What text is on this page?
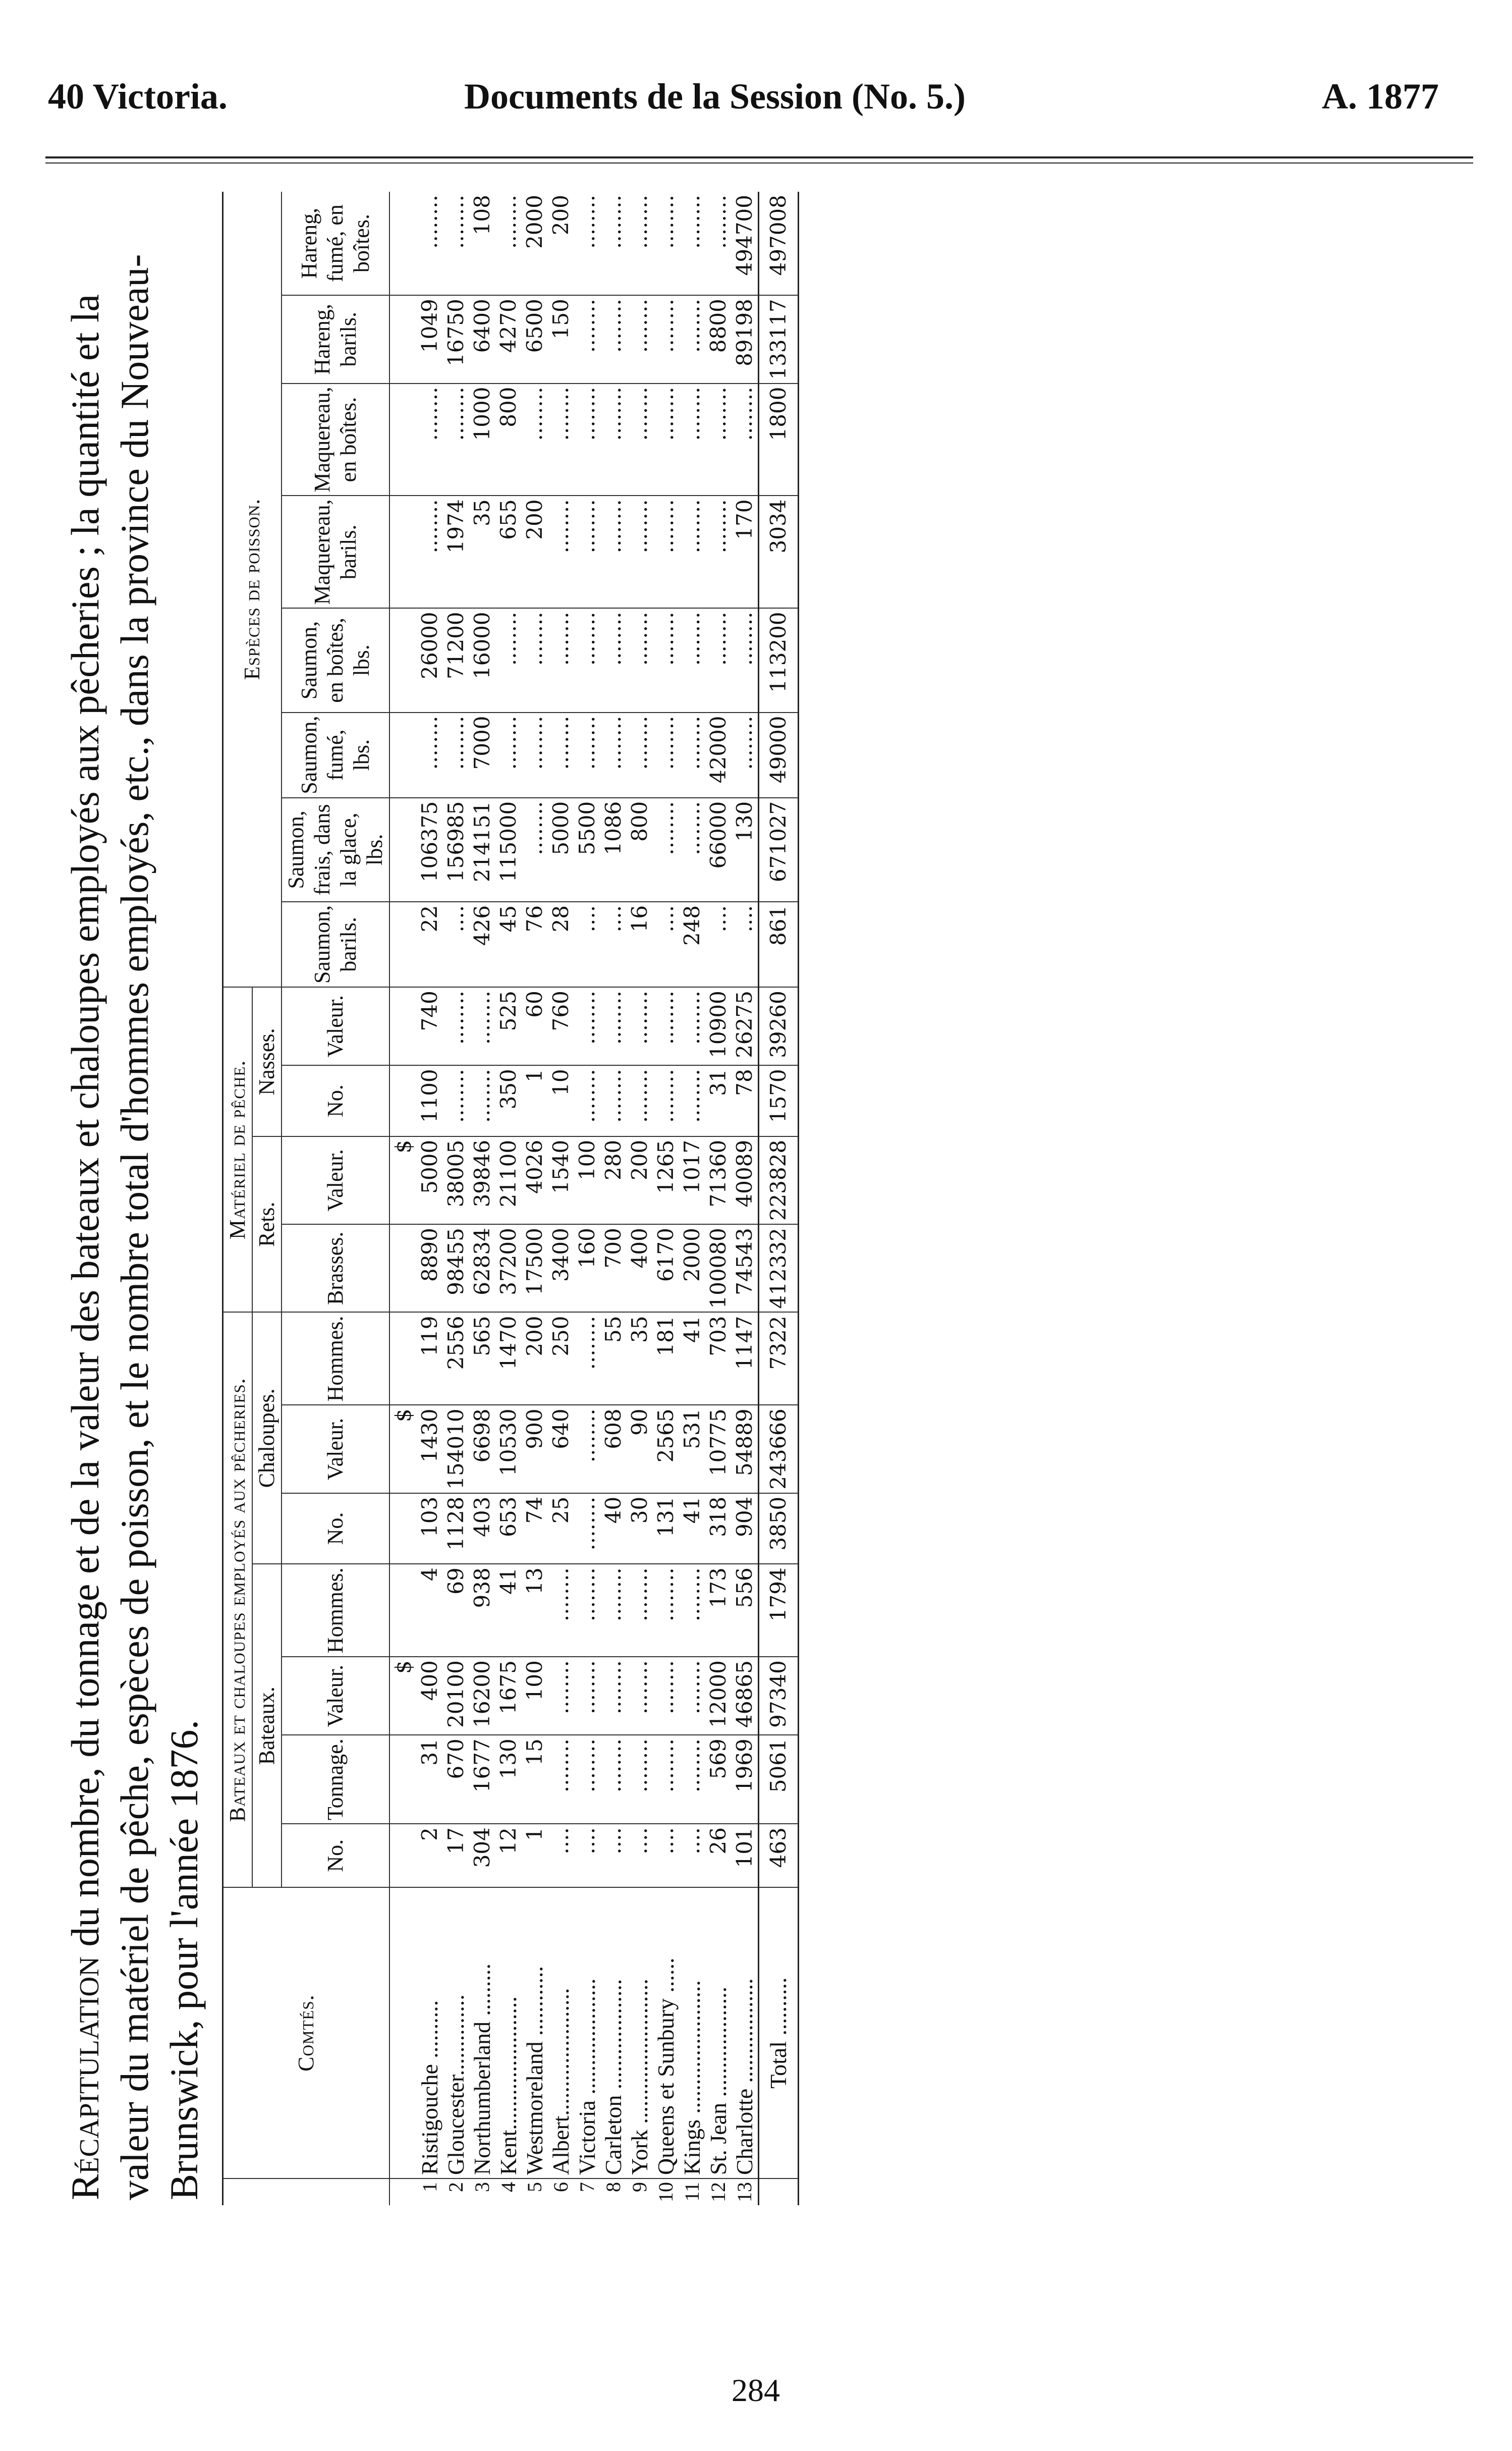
40 Victoria.	Documents de la Session (No. 5.)	A. 1877
Récapitulation du nombre, du tonnage et de la valeur des bateaux et chaloupes employés aux pêcheries ; la quantité et la valeur du matériel de pêche, espèces de poisson, et le nombre total d'hommes employés, etc., dans la province du Nouveau-Brunswick, pour l'année 1876.
		Comtés.	Bateaux et chaloupes employés aux pêcheries.							Matériel de pêche.				Espèces de poisson.							
		Bateaux.				Chaloupes.			Rets.		Nasses.									
		No.	Tonnage.	Valeur.	Hommes.	No.	Valeur.	Hommes.	Brasses.	Valeur.	No.	Valeur.	Saumon, barils.	Saumon, frais, dans la glace, lbs.	Saumon, fumé, lbs.	Saumon, en boîtes, lbs.	Maquereau, barils.	Maquereau, en boîtes.	Hareng, barils.	Hareng, fumé, en boîtes.
				$			$			$										
1	Ristigouche ..........	2	31	400	4	103	1430	119	8890	5000	1100	740	22	106375	........	26000	........	........	1049	........
2	Gloucester..............	17	670	20100	69	1128	154010	2556	98455	38005	........	........	....	156985	........	71200	1974	........	16750	........
3	Northumberland .........	304	1677	16200	938	403	6698	565	62834	39846	........	........	426	214151	7000	16000	35	1000	6400	108
4	Kent.......................	12	130	1675	41	653	10530	1470	37200	21100	350	525	45	115000	........	........	655	800	4270	........
5	Westmoreland ............	1	15	100	13	74	900	200	17500	4026	1	60	76	........	........	........	200	........	6500	2000
6	Albert......................	....	........	........	........	25	640	250	3400	1540	10	760	28	5000	........	........	........	........	150	200
7	Victoria ....................	....	........	........	........	........	........	........	160	100	........	........	....	5500	........	........	........	........	........	........
8	Carleton ...................	....	........	........	........	40	608	55	700	280	........	........	....	1086	........	........	........	........	........	........
9	York .........................	....	........	........	........	30	90	35	400	200	........	........	16	800	........	........	........	........	........	........
10	Queens et Sunbury ......	....	........	........	........	131	2565	181	6170	1265	........	........	....	........	........	........	........	........	........	........
11	Kings .......................	....	........	........	........	41	531	41	2000	1017	........	........	248	........	........	........	........	........	........	........
12	St. Jean ...................	26	569	12000	173	318	10775	703	100080	71360	31	10900	....	66000	42000	........	........	........	8800	........
13	Charlotte ..................	101	1969	46865	556	904	54889	1147	74543	40089	78	26275	....	130	........	........	170	........	89198	494700
	Total ..........	463	5061	97340	1794	3850	243666	7322	412332	223828	1570	39260	861	671027	49000	113200	3034	1800	133117	497008
284
